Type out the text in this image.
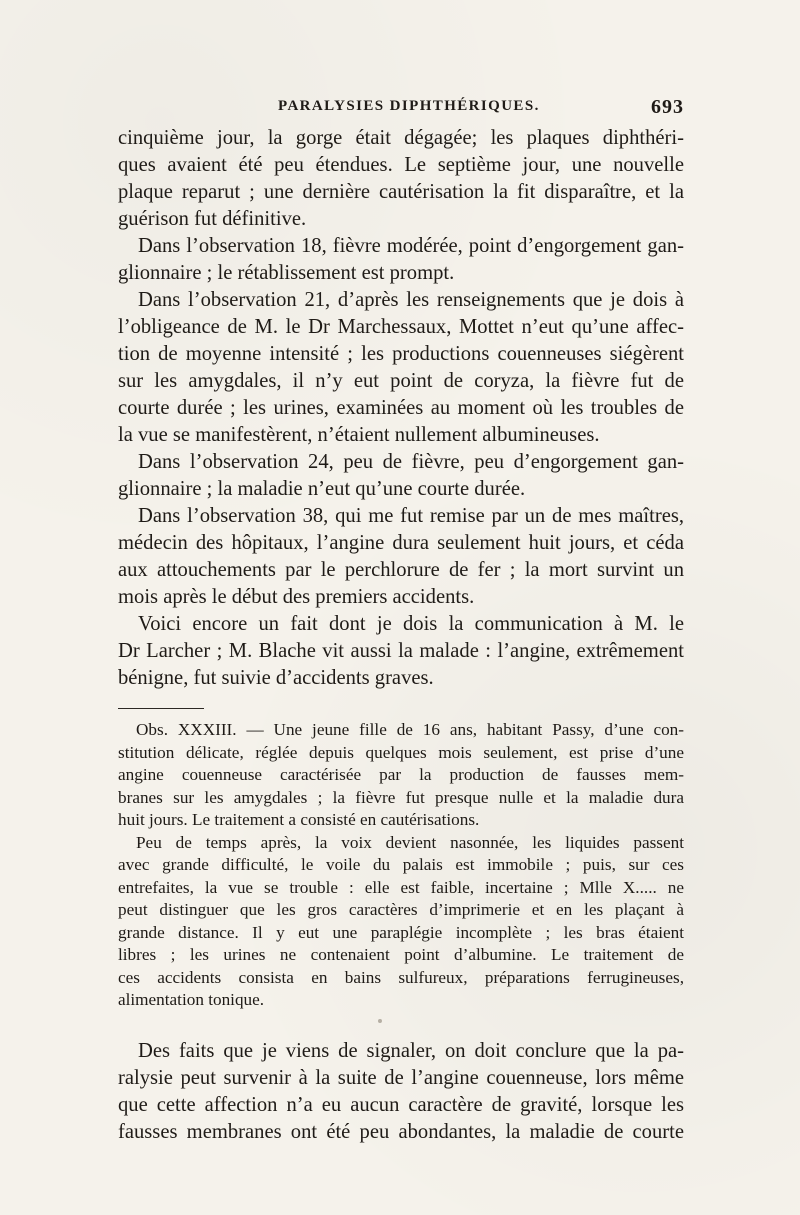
PARALYSIES DIPHTHÉRIQUES.	693
cinquième jour, la gorge était dégagée; les plaques diphthéri-
ques avaient été peu étendues. Le septième jour, une nouvelle
plaque reparut ; une dernière cautérisation la fit disparaître, et la
guérison fut définitive.
Dans l’observation 18, fièvre modérée, point d’engorgement gan-
glionnaire ; le rétablissement est prompt.
Dans l’observation 21, d’après les renseignements que je dois à
l’obligeance de M. le Dr Marchessaux, Mottet n’eut qu’une affec-
tion de moyenne intensité ; les productions couenneuses siégèrent
sur les amygdales, il n’y eut point de coryza, la fièvre fut de
courte durée ; les urines, examinées au moment où les troubles de
la vue se manifestèrent, n’étaient nullement albumineuses.
Dans l’observation 24, peu de fièvre, peu d’engorgement gan-
glionnaire ; la maladie n’eut qu’une courte durée.
Dans l’observation 38, qui me fut remise par un de mes maîtres,
médecin des hôpitaux, l’angine dura seulement huit jours, et céda
aux attouchements par le perchlorure de fer ; la mort survint un
mois après le début des premiers accidents.
Voici encore un fait dont je dois la communication à M. le
Dr Larcher ; M. Blache vit aussi la malade : l’angine, extrêmement
bénigne, fut suivie d’accidents graves.
Obs. XXXIII. — Une jeune fille de 16 ans, habitant Passy, d’une con-
stitution délicate, réglée depuis quelques mois seulement, est prise d’une
angine couenneuse caractérisée par la production de fausses mem-
branes sur les amygdales ; la fièvre fut presque nulle et la maladie dura
huit jours. Le traitement a consisté en cautérisations.
Peu de temps après, la voix devient nasonnée, les liquides passent
avec grande difficulté, le voile du palais est immobile ; puis, sur ces
entrefaites, la vue se trouble : elle est faible, incertaine ; Mlle X..... ne
peut distinguer que les gros caractères d’imprimerie et en les plaçant à
grande distance. Il y eut une paraplégie incomplète ; les bras étaient
libres ; les urines ne contenaient point d’albumine. Le traitement de
ces accidents consista en bains sulfureux, préparations ferrugineuses,
alimentation tonique.
Des faits que je viens de signaler, on doit conclure que la pa-
ralysie peut survenir à la suite de l’angine couenneuse, lors même
que cette affection n’a eu aucun caractère de gravité, lorsque les
fausses membranes ont été peu abondantes, la maladie de courte
